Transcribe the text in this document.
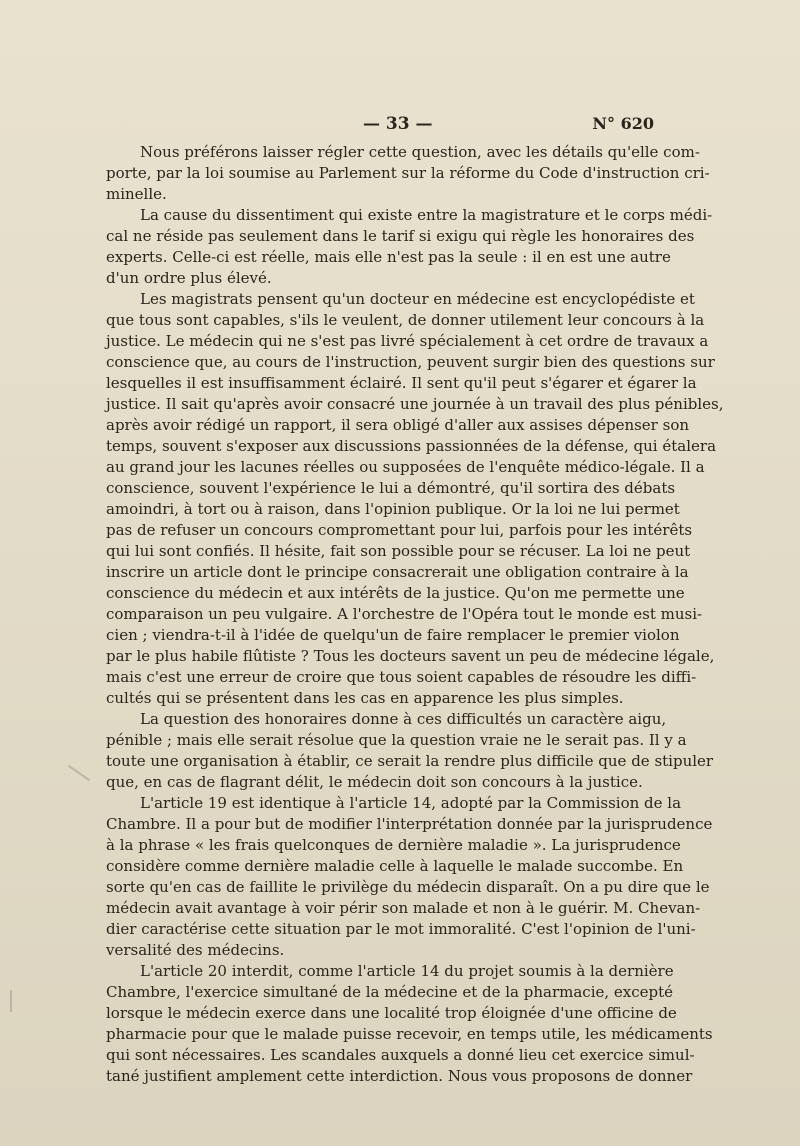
— 33 —	N° 620
Nous préférons laisser régler cette question, avec les détails qu'elle com-
porte, par la loi soumise au Parlement sur la réforme du Code d'instruction cri-
minelle.
La cause du dissentiment qui existe entre la magistrature et le corps médi-
cal ne réside pas seulement dans le tarif si exigu qui règle les honoraires des
experts. Celle-ci est réelle, mais elle n'est pas la seule : il en est une autre
d'un ordre plus élevé.
Les magistrats pensent qu'un docteur en médecine est encyclopédiste et
que tous sont capables, s'ils le veulent, de donner utilement leur concours à la
justice. Le médecin qui ne s'est pas livré spécialement à cet ordre de travaux a
conscience que, au cours de l'instruction, peuvent surgir bien des questions sur
lesquelles il est insuffisamment éclairé. Il sent qu'il peut s'égarer et égarer la
justice. Il sait qu'après avoir consacré une journée à un travail des plus pénibles,
après avoir rédigé un rapport, il sera obligé d'aller aux assises dépenser son
temps, souvent s'exposer aux discussions passionnées de la défense, qui étalera
au grand jour les lacunes réelles ou supposées de l'enquête médico-légale. Il a
conscience, souvent l'expérience le lui a démontré, qu'il sortira des débats
amoindri, à tort ou à raison, dans l'opinion publique. Or la loi ne lui permet
pas de refuser un concours compromettant pour lui, parfois pour les intérêts
qui lui sont confiés. Il hésite, fait son possible pour se récuser. La loi ne peut
inscrire un article dont le principe consacrerait une obligation contraire à la
conscience du médecin et aux intérêts de la justice. Qu'on me permette une
comparaison un peu vulgaire. A l'orchestre de l'Opéra tout le monde est musi-
cien ; viendra-t-il à l'idée de quelqu'un de faire remplacer le premier violon
par le plus habile flûtiste ? Tous les docteurs savent un peu de médecine légale,
mais c'est une erreur de croire que tous soient capables de résoudre les diffi-
cultés qui se présentent dans les cas en apparence les plus simples.
La question des honoraires donne à ces difficultés un caractère aigu,
pénible ; mais elle serait résolue que la question vraie ne le serait pas. Il y a
toute une organisation à établir, ce serait la rendre plus difficile que de stipuler
que, en cas de flagrant délit, le médecin doit son concours à la justice.
L'article 19 est identique à l'article 14, adopté par la Commission de la
Chambre. Il a pour but de modifier l'interprétation donnée par la jurisprudence
à la phrase « les frais quelconques de dernière maladie ». La jurisprudence
considère comme dernière maladie celle à laquelle le malade succombe. En
sorte qu'en cas de faillite le privilège du médecin disparaît. On a pu dire que le
médecin avait avantage à voir périr son malade et non à le guérir. M. Chevan-
dier caractérise cette situation par le mot immoralité. C'est l'opinion de l'uni-
versalité des médecins.
L'article 20 interdit, comme l'article 14 du projet soumis à la dernière
Chambre, l'exercice simultané de la médecine et de la pharmacie, excepté
lorsque le médecin exerce dans une localité trop éloignée d'une officine de
pharmacie pour que le malade puisse recevoir, en temps utile, les médicaments
qui sont nécessaires. Les scandales auxquels a donné lieu cet exercice simul-
tané justifient amplement cette interdiction. Nous vous proposons de donner
